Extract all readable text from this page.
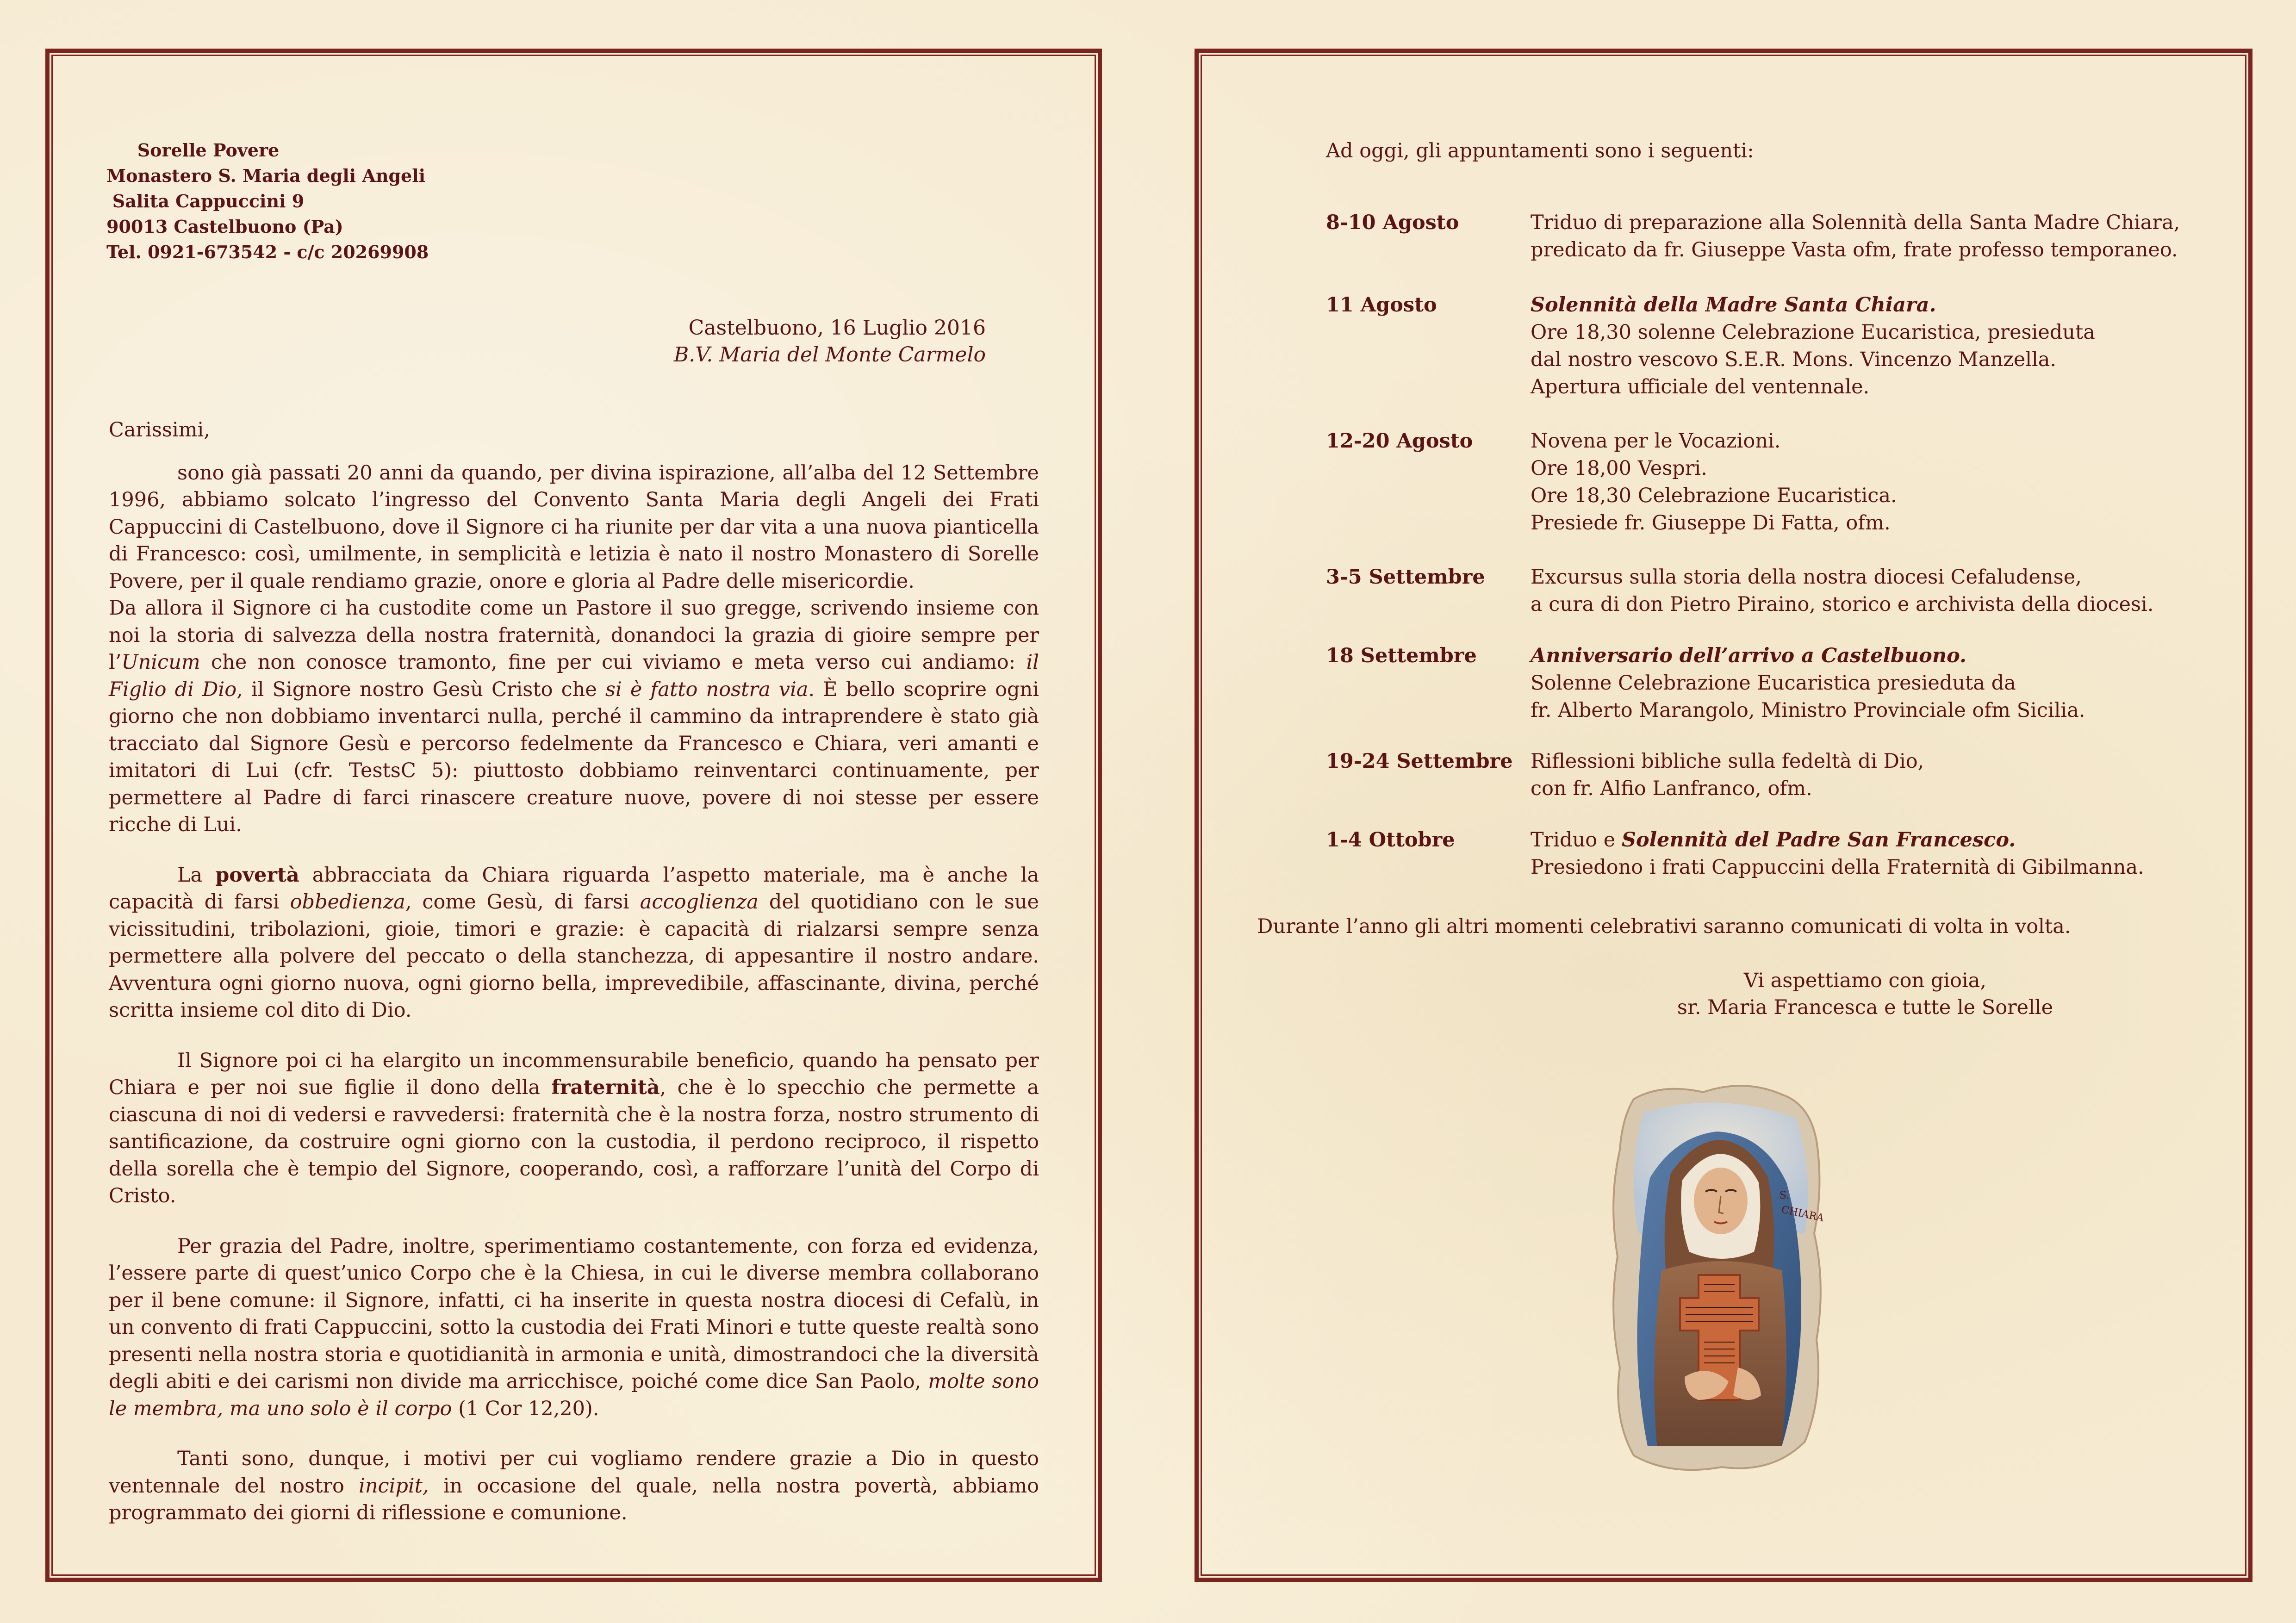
Sorelle Povere
Monastero S. Maria degli Angeli
Salita Cappuccini 9
90013 Castelbuono (Pa)
Tel. 0921-673542 - c/c 20269908
Castelbuono, 16 Luglio 2016
B.V. Maria del Monte Carmelo

Carissimi,

sono già passati 20 anni da quando, per divina ispirazione, all’alba del 12 Settembre 1996, abbiamo solcato l’ingresso del Convento Santa Maria degli Angeli dei Frati Cappuccini di Castelbuono, dove il Signore ci ha riunite per dar vita a una nuova pianticella di Francesco: così, umilmente, in semplicità e letizia è nato il nostro Monastero di Sorelle Povere, per il quale rendiamo grazie, onore e gloria al Padre delle misericordie.

Da allora il Signore ci ha custodite come un Pastore il suo gregge, scrivendo insieme con noi la storia di salvezza della nostra fraternità, donandoci la grazia di gioire sempre per l’Unicum che non conosce tramonto, fine per cui viviamo e meta verso cui andiamo: il Figlio di Dio, il Signore nostro Gesù Cristo che si è fatto nostra via. È bello scoprire ogni giorno che non dobbiamo inventarci nulla, perché il cammino da intraprendere è stato già tracciato dal Signore Gesù e percorso fedelmente da Francesco e Chiara, veri amanti e imitatori di Lui (cfr. TestsC 5): piuttosto dobbiamo reinventarci continuamente, per permettere al Padre di farci rinascere creature nuove, povere di noi stesse per essere ricche di Lui.

La povertà abbracciata da Chiara riguarda l’aspetto materiale, ma è anche la capacità di farsi obbedienza, come Gesù, di farsi accoglienza del quotidiano con le sue vicissitudini, tribolazioni, gioie, timori e grazie: è capacità di rialzarsi sempre senza permettere alla polvere del peccato o della stanchezza, di appesantire il nostro andare. Avventura ogni giorno nuova, ogni giorno bella, imprevedibile, affascinante, divina, perché scritta insieme col dito di Dio.

Il Signore poi ci ha elargito un incommensurabile beneficio, quando ha pensato per Chiara e per noi sue figlie il dono della fraternità, che è lo specchio che permette a ciascuna di noi di vedersi e ravvedersi: fraternità che è la nostra forza, nostro strumento di santificazione, da costruire ogni giorno con la custodia, il perdono reciproco, il rispetto della sorella che è tempio del Signore, cooperando, così, a rafforzare l’unità del Corpo di Cristo.

Per grazia del Padre, inoltre, sperimentiamo costantemente, con forza ed evidenza, l’essere parte di quest’unico Corpo che è la Chiesa, in cui le diverse membra collaborano per il bene comune: il Signore, infatti, ci ha inserite in questa nostra diocesi di Cefalù, in un convento di frati Cappuccini, sotto la custodia dei Frati Minori e tutte queste realtà sono presenti nella nostra storia e quotidianità in armonia e unità, dimostrandoci che la diversità degli abiti e dei carismi non divide ma arricchisce, poiché come dice San Paolo, molte sono le membra, ma uno solo è il corpo (1 Cor 12,20).

Tanti sono, dunque, i motivi per cui vogliamo rendere grazie a Dio in questo ventennale del nostro incipit, in occasione del quale, nella nostra povertà, abbiamo programmato dei giorni di riflessione e comunione.

Ad oggi, gli appuntamenti sono i seguenti:
8-10 Agosto	Triduo di preparazione alla Solennità della Santa Madre Chiara,
predicato da fr. Giuseppe Vasta ofm, frate professo temporaneo.
11 Agosto	Solennità della Madre Santa Chiara.
Ore 18,30 solenne Celebrazione Eucaristica, presieduta
dal nostro vescovo S.E.R. Mons. Vincenzo Manzella.
Apertura ufficiale del ventennale.
12-20 Agosto	Novena per le Vocazioni.
Ore 18,00 Vespri.
Ore 18,30 Celebrazione Eucaristica.
Presiede fr. Giuseppe Di Fatta, ofm.
3-5 Settembre	Excursus sulla storia della nostra diocesi Cefaludense,
a cura di don Pietro Piraino, storico e archivista della diocesi.
18 Settembre	Anniversario dell’arrivo a Castelbuono.
Solenne Celebrazione Eucaristica presieduta da
fr. Alberto Marangolo, Ministro Provinciale ofm Sicilia.
19-24 Settembre Riflessioni bibliche sulla fedeltà di Dio,
con fr. Alfio Lanfranco, ofm.
1-4 Ottobre	Triduo e Solennità del Padre San Francesco.
Presiedono i frati Cappuccini della Fraternità di Gibilmanna.
Durante l’anno gli altri momenti celebrativi saranno comunicati di volta in volta.
Vi aspettiamo con gioia,
sr. Maria Francesca e tutte le Sorelle
S.
CHIARA
